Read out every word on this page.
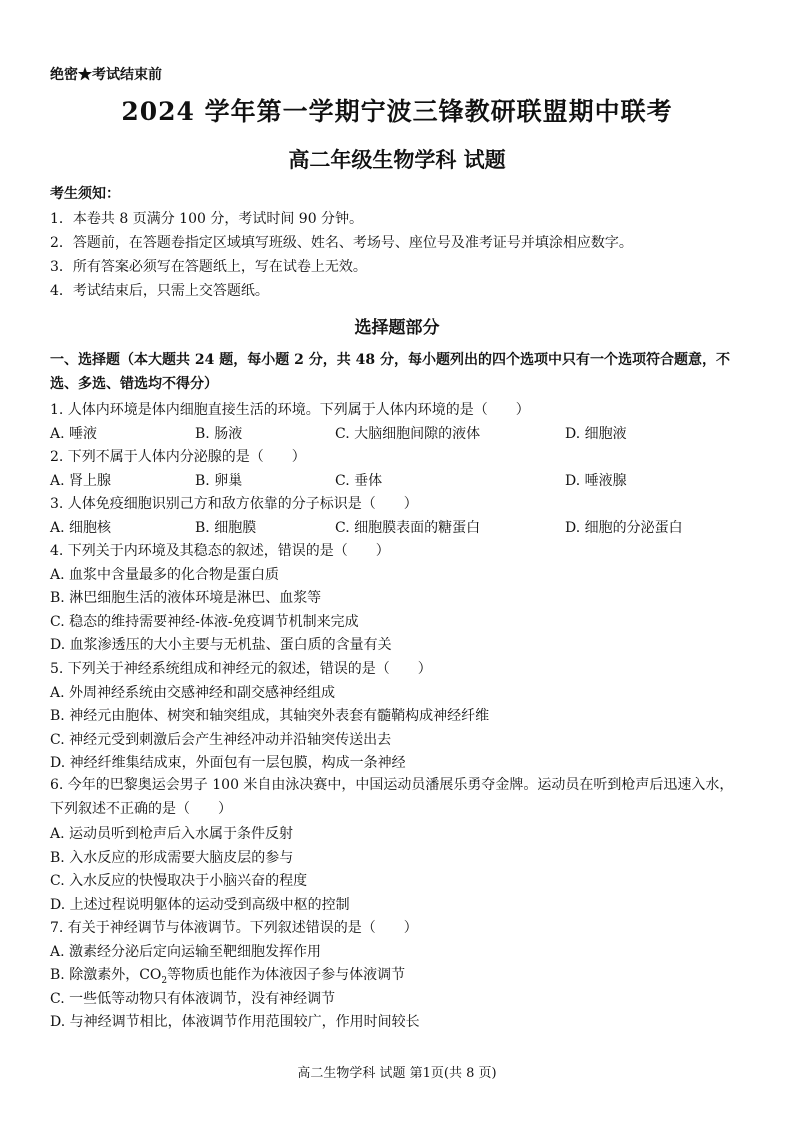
绝密★考试结束前
2024 学年第一学期宁波三锋教研联盟期中联考
高二年级生物学科 试题
考生须知：
1．本卷共 8 页满分 100 分，考试时间 90 分钟。
2．答题前，在答题卷指定区域填写班级、姓名、考场号、座位号及准考证号并填涂相应数字。
3．所有答案必须写在答题纸上，写在试卷上无效。
4．考试结束后，只需上交答题纸。
选择题部分
一、选择题（本大题共 24 题，每小题 2 分，共 48 分，每小题列出的四个选项中只有一个选项符合题意，不选、多选、错选均不得分）
1. 人体内环境是体内细胞直接生活的环境。下列属于人体内环境的是（　　）
A. 唾液	B. 肠液	C. 大脑细胞间隙的液体	D. 细胞液
2. 下列不属于人体内分泌腺的是（　　）
A. 肾上腺	B. 卵巢	C. 垂体	D. 唾液腺
3. 人体免疫细胞识别己方和敌方依靠的分子标识是（　　）
A. 细胞核	B. 细胞膜	C. 细胞膜表面的糖蛋白	D. 细胞的分泌蛋白
4. 下列关于内环境及其稳态的叙述，错误的是（　　）
A. 血浆中含量最多的化合物是蛋白质
B. 淋巴细胞生活的液体环境是淋巴、血浆等
C. 稳态的维持需要神经-体液-免疫调节机制来完成
D. 血浆渗透压的大小主要与无机盐、蛋白质的含量有关
5. 下列关于神经系统组成和神经元的叙述，错误的是（　　）
A. 外周神经系统由交感神经和副交感神经组成
B. 神经元由胞体、树突和轴突组成，其轴突外表套有髓鞘构成神经纤维
C. 神经元受到刺激后会产生神经冲动并沿轴突传送出去
D. 神经纤维集结成束，外面包有一层包膜，构成一条神经
6. 今年的巴黎奥运会男子 100 米自由泳决赛中，中国运动员潘展乐勇夺金牌。运动员在听到枪声后迅速入水，下列叙述不正确的是（　　）
A. 运动员听到枪声后入水属于条件反射
B. 入水反应的形成需要大脑皮层的参与
C. 入水反应的快慢取决于小脑兴奋的程度
D. 上述过程说明躯体的运动受到高级中枢的控制
7. 有关于神经调节与体液调节。下列叙述错误的是（　　）
A. 激素经分泌后定向运输至靶细胞发挥作用
B. 除激素外，$CO_2$等物质也能作为体液因子参与体液调节
C. 一些低等动物只有体液调节，没有神经调节
D. 与神经调节相比，体液调节作用范围较广，作用时间较长
高二生物学科 试题 第1页(共 8 页)
